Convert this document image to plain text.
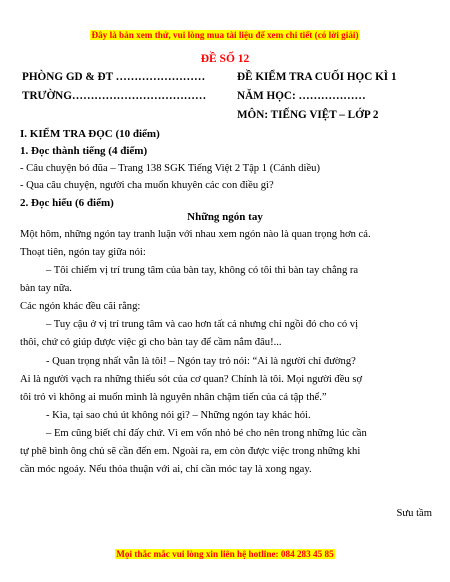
Đây là bản xem thử, vui lòng mua tài liệu để xem chi tiết (có lời giải)
ĐỀ SỐ 12
PHÒNG GD & ĐT ……………………	ĐỀ KIỂM TRA CUỐI HỌC KÌ 1
TRƯỜNG………………………………	NĂM HỌC: ………………
MÔN: TIẾNG VIỆT – LỚP 2
I. KIỂM TRA ĐỌC (10 điểm)
1. Đọc thành tiếng (4 điểm)
- Câu chuyện bó đũa – Trang 138 SGK Tiếng Việt 2 Tập 1 (Cánh diều)
- Qua câu chuyện, người cha muốn khuyên các con điều gì?
2. Đọc hiểu (6 điểm)
Những ngón tay
Một hôm, những ngón tay tranh luận với nhau xem ngón nào là quan trọng hơn cả.
Thoạt tiên, ngón tay giữa nói:
– Tôi chiếm vị trí trung tâm của bàn tay, không có tôi thì bàn tay chẳng ra
bàn tay nữa.
Các ngón khác đều cãi rằng:
– Tuy cậu ở vị trí trung tâm và cao hơn tất cả nhưng chỉ ngồi đó cho có vị
thôi, chứ có giúp được việc gì cho bàn tay để cầm nắm đâu!...
- Quan trọng nhất vẫn là tôi! – Ngón tay trỏ nói: “Ai là người chỉ đường?
Ai là người vạch ra những thiếu sót của cơ quan? Chính là tôi. Mọi người đều sợ
tôi trỏ vì không ai muốn mình là nguyên nhân chậm tiến của cả tập thể.”
- Kìa, tại sao chú út không nói gì? – Những ngón tay khác hỏi.
– Em cũng biết chỉ đấy chứ. Vì em vốn nhỏ bé cho nên trong những lúc cần
tự phê bình ông chủ sẽ cần đến em. Ngoài ra, em còn được việc trong những khi
cần móc ngoáy. Nếu thỏa thuận với ai, chỉ cần móc tay là xong ngay.
Sưu tầm
Mọi thắc mắc vui lòng xin liên hệ hotline: 084 283 45 85
